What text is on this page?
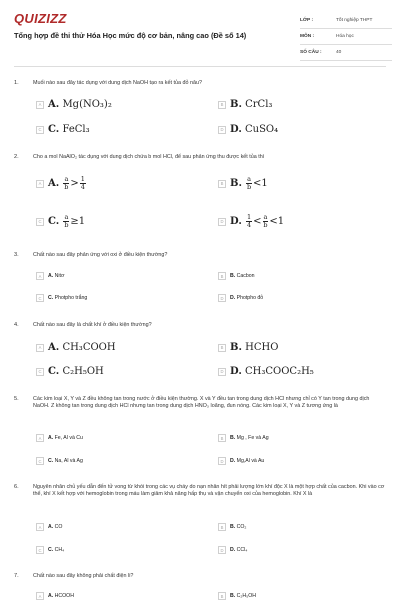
QUIZIZZ
Tổng hợp đề thi thử Hóa Học mức độ cơ bản, nâng cao (Đề số 14)
LỚP :	Tốt nghiệp THPT
MÔN :	Hóa học
SỐ CÂU :	40
1.	Muối nào sau đây tác dụng với dung dịch NaOH tạo ra kết tủa đỏ nâu?
A A. Mg(NO₃)₂	B B. CrCl₃
C C. FeCl₃	D D. CuSO₄
2.	Cho a mol NaAlO₂ tác dụng với dung dịch chứa b mol HCl, để sau phản ứng thu được kết tủa thì
A A. $\frac{a}{b} > \frac{1}{4}$	B B. $\frac{a}{b} <1$
C C. $\frac{a}{b} \ge 1$	D D. $\frac{1}{4} < \frac{a}{b} <1$
3.	Chất nào sau đây phản ứng với oxi ở điều kiện thường?
A	A. Nitơ	B	B. Cacbon
C	C. Photpho trắng	D	D. Photpho đỏ
4.	Chất nào sau đây là chất khí ở điều kiện thường?
A A. CH₃COOH	B B. HCHO
C C. C₂H₅OH	D D. CH₃COOC₂H₅
5.	Các kim loại X, Y và Z đều không tan trong nước ở điều kiện thường. X và Y đều tan trong dung dịch HCl nhưng chỉ có Y tan trong dung dịch NaOH. Z không tan trong dung dịch HCl nhưng tan trong dung dịch HNO₃ loãng, đun nóng. Các kim loại X, Y và Z tương ứng là
A	A. Fe, Al và Cu	B	B. Mg , Fe và Ag
C	C. Na, Al và Ag	D	D. Mg,Al và Au
6.	Nguyên nhân chủ yếu dẫn đến tử vong từ khói trong các vụ cháy do nạn nhân hít phải lượng lớn khí độc X là một hợp chất của cacbon. Khi vào cơ thể, khí X kết hợp với hemoglobin trong máu làm giảm khả năng hấp thụ và vận chuyển oxi của hemoglobin. Khí X là
A	A. CO	B	B. CO₂
C	C. CH₄	D	D. CCl₄
7.	Chất nào sau đây không phải chất điện li?
A	A. HCOOH	B	B. C₂H₅OH
